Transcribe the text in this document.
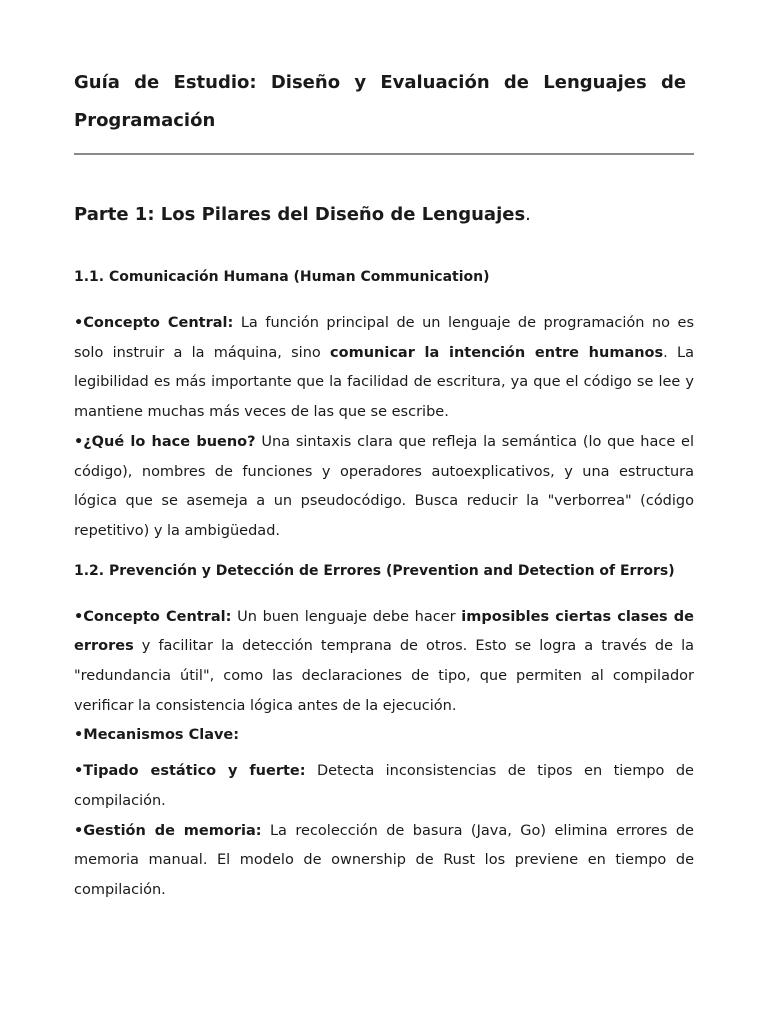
Guía de Estudio: Diseño y Evaluación de Lenguajes de
Programación
Parte 1: Los Pilares del Diseño de Lenguajes.
1.1. Comunicación Humana (Human Communication)

•Concepto Central: La función principal de un lenguaje de programación no es solo instruir a la máquina, sino comunicar la intención entre humanos. La legibilidad es más importante que la facilidad de escritura, ya que el código se lee y mantiene muchas más veces de las que se escribe.

•¿Qué lo hace bueno? Una sintaxis clara que refleja la semántica (lo que hace el código), nombres de funciones y operadores autoexplicativos, y una estructura lógica que se asemeja a un pseudocódigo. Busca reducir la "verborrea" (código repetitivo) y la ambigüedad.

1.2. Prevención y Detección de Errores (Prevention and Detection of Errors)

•Concepto Central: Un buen lenguaje debe hacer imposibles ciertas clases de errores y facilitar la detección temprana de otros. Esto se logra a través de la "redundancia útil", como las declaraciones de tipo, que permiten al compilador verificar la consistencia lógica antes de la ejecución.

•Mecanismos Clave:

•Tipado estático y fuerte: Detecta inconsistencias de tipos en tiempo de compilación.

•Gestión de memoria: La recolección de basura (Java, Go) elimina errores de memoria manual. El modelo de ownership de Rust los previene en tiempo de compilación.
